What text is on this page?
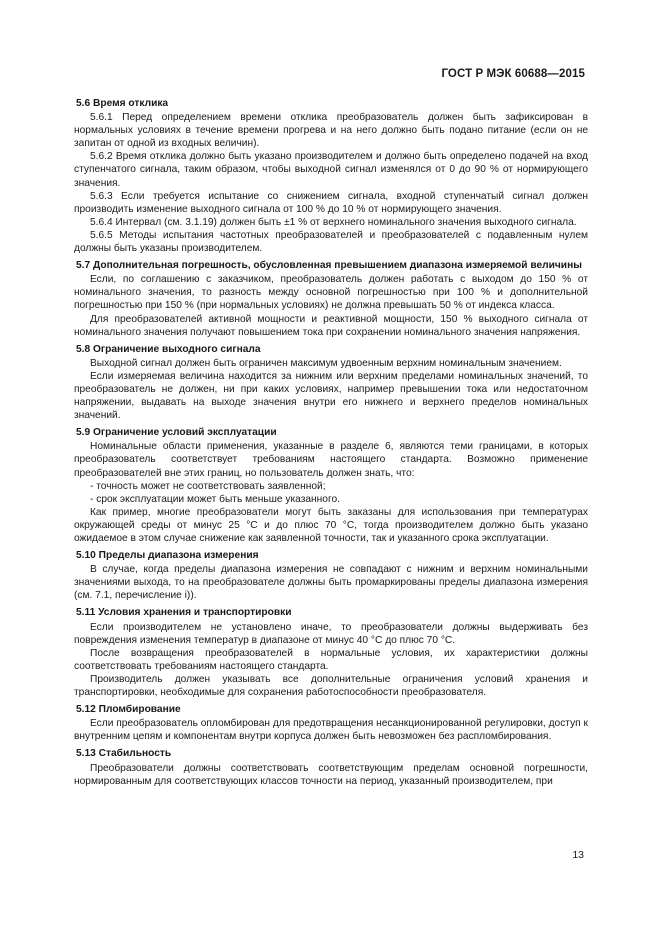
ГОСТ Р МЭК 60688—2015
5.6 Время отклика

5.6.1 Перед определением времени отклика преобразователь должен быть зафиксирован в нормальных условиях в течение времени прогрева и на него должно быть подано питание (если он не запитан от одной из входных величин).

5.6.2 Время отклика должно быть указано производителем и должно быть определено подачей на вход ступенчатого сигнала, таким образом, чтобы выходной сигнал изменялся от 0 до 90 % от нормирующего значения.

5.6.3 Если требуется испытание со снижением сигнала, входной ступенчатый сигнал должен производить изменение выходного сигнала от 100 % до 10 % от нормирующего значения.

5.6.4 Интервал (см. 3.1.19) должен быть ±1 % от верхнего номинального значения выходного сигнала.

5.6.5 Методы испытания частотных преобразователей и преобразователей с подавленным нулем должны быть указаны производителем.

5.7 Дополнительная погрешность, обусловленная превышением диапазона измеряемой величины

Если, по соглашению с заказчиком, преобразователь должен работать с выходом до 150 % от номинального значения, то разность между основной погрешностью при 100 % и дополнительной погрешностью при 150 % (при нормальных условиях) не должна превышать 50 % от индекса класса.

Для преобразователей активной мощности и реактивной мощности, 150 % выходного сигнала от номинального значения получают повышением тока при сохранении номинального значения напряжения.

5.8 Ограничение выходного сигнала

Выходной сигнал должен быть ограничен максимум удвоенным верхним номинальным значением.

Если измеряемая величина находится за нижним или верхним пределами номинальных значений, то преобразователь не должен, ни при каких условиях, например превышении тока или недостаточном напряжении, выдавать на выходе значения внутри его нижнего и верхнего пределов номинальных значений.

5.9 Ограничение условий эксплуатации

Номинальные области применения, указанные в разделе 6, являются теми границами, в которых преобразователь соответствует требованиям настоящего стандарта. Возможно применение преобразователей вне этих границ, но пользователь должен знать, что:

- точность может не соответствовать заявленной;

- срок эксплуатации может быть меньше указанного.

Как пример, многие преобразователи могут быть заказаны для использования при температурах окружающей среды от минус 25 °С и до плюс 70 °С, тогда производителем должно быть указано ожидаемое в этом случае снижение как заявленной точности, так и указанного срока эксплуатации.

5.10 Пределы диапазона измерения

В случае, когда пределы диапазона измерения не совпадают с нижним и верхним номинальными значениями выхода, то на преобразователе должны быть промаркированы пределы диапазона измерения (см. 7.1, перечисление i)).

5.11 Условия хранения и транспортировки

Если производителем не установлено иначе, то преобразователи должны выдерживать без повреждения изменения температур в диапазоне от минус 40 °С до плюс 70 °С.

После возвращения преобразователей в нормальные условия, их характеристики должны соответствовать требованиям настоящего стандарта.

Производитель должен указывать все дополнительные ограничения условий хранения и транспортировки, необходимые для сохранения работоспособности преобразователя.

5.12 Пломбирование

Если преобразователь опломбирован для предотвращения несанкционированной регулировки, доступ к внутренним цепям и компонентам внутри корпуса должен быть невозможен без распломбирования.

5.13 Стабильность

Преобразователи должны соответствовать соответствующим пределам основной погрешности, нормированным для соответствующих классов точности на период, указанный производителем, при

13
